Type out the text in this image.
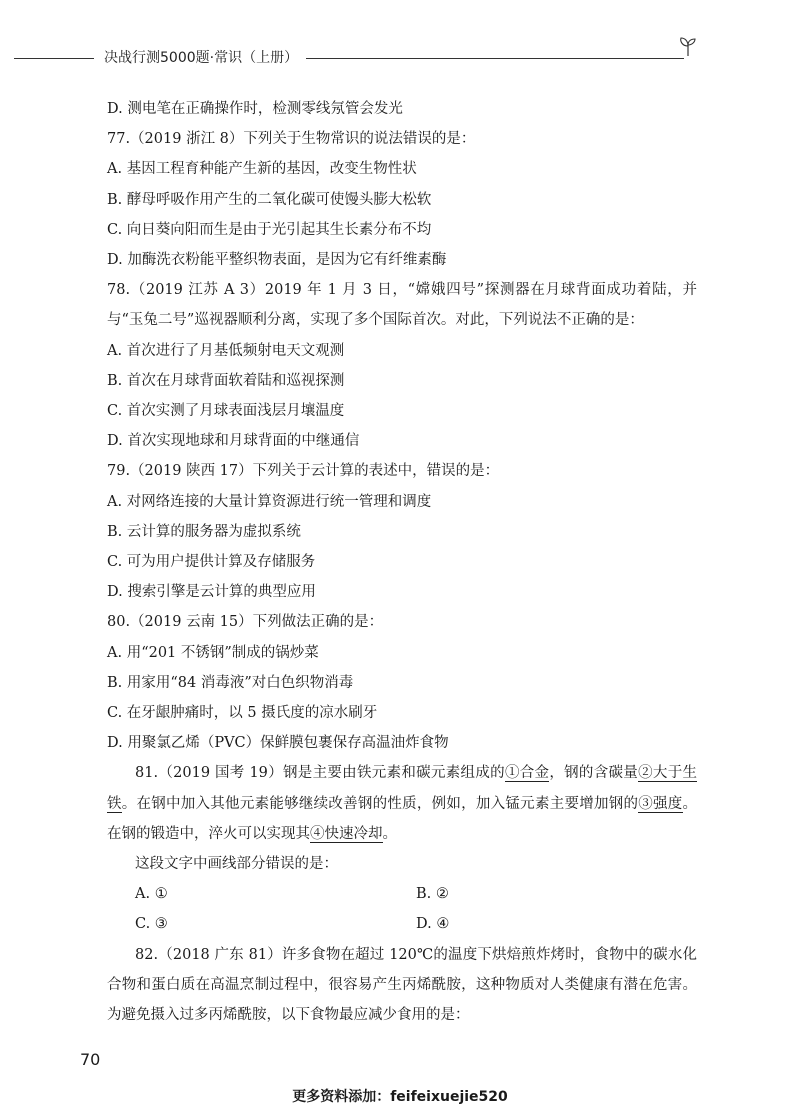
决战行测5000题·常识（上册）

D. 测电笔在正确操作时，检测零线氖管会发光

77.（2019 浙江 8）下列关于生物常识的说法错误的是：

A. 基因工程育种能产生新的基因，改变生物性状

B. 酵母呼吸作用产生的二氧化碳可使馒头膨大松软

C. 向日葵向阳而生是由于光引起其生长素分布不均

D. 加酶洗衣粉能平整织物表面，是因为它有纤维素酶

78.（2019 江苏 A 3）2019 年 1 月 3 日，“嫦娥四号”探测器在月球背面成功着陆，并与“玉兔二号”巡视器顺利分离，实现了多个国际首次。对此，下列说法不正确的是：

A. 首次进行了月基低频射电天文观测

B. 首次在月球背面软着陆和巡视探测

C. 首次实测了月球表面浅层月壤温度

D. 首次实现地球和月球背面的中继通信

79.（2019 陕西 17）下列关于云计算的表述中，错误的是：

A. 对网络连接的大量计算资源进行统一管理和调度

B. 云计算的服务器为虚拟系统

C. 可为用户提供计算及存储服务

D. 搜索引擎是云计算的典型应用

80.（2019 云南 15）下列做法正确的是：

A. 用“201 不锈钢”制成的锅炒菜

B. 用家用“84 消毒液”对白色织物消毒

C. 在牙龈肿痛时，以 5 摄氏度的凉水刷牙

D. 用聚氯乙烯（PVC）保鲜膜包裹保存高温油炸食物

81.（2019 国考 19）钢是主要由铁元素和碳元素组成的①合金，钢的含碳量②大于生铁。在钢中加入其他元素能够继续改善钢的性质，例如，加入锰元素主要增加钢的③强度。在钢的锻造中，淬火可以实现其④快速冷却。

这段文字中画线部分错误的是：

A. ①	B. ②
C. ③	D. ④

82.（2018 广东 81）许多食物在超过 120℃的温度下烘焙煎炸烤时，食物中的碳水化合物和蛋白质在高温烹制过程中，很容易产生丙烯酰胺，这种物质对人类健康有潜在危害。为避免摄入过多丙烯酰胺，以下食物最应减少食用的是：

70
更多资料添加：feifeixuejie520
